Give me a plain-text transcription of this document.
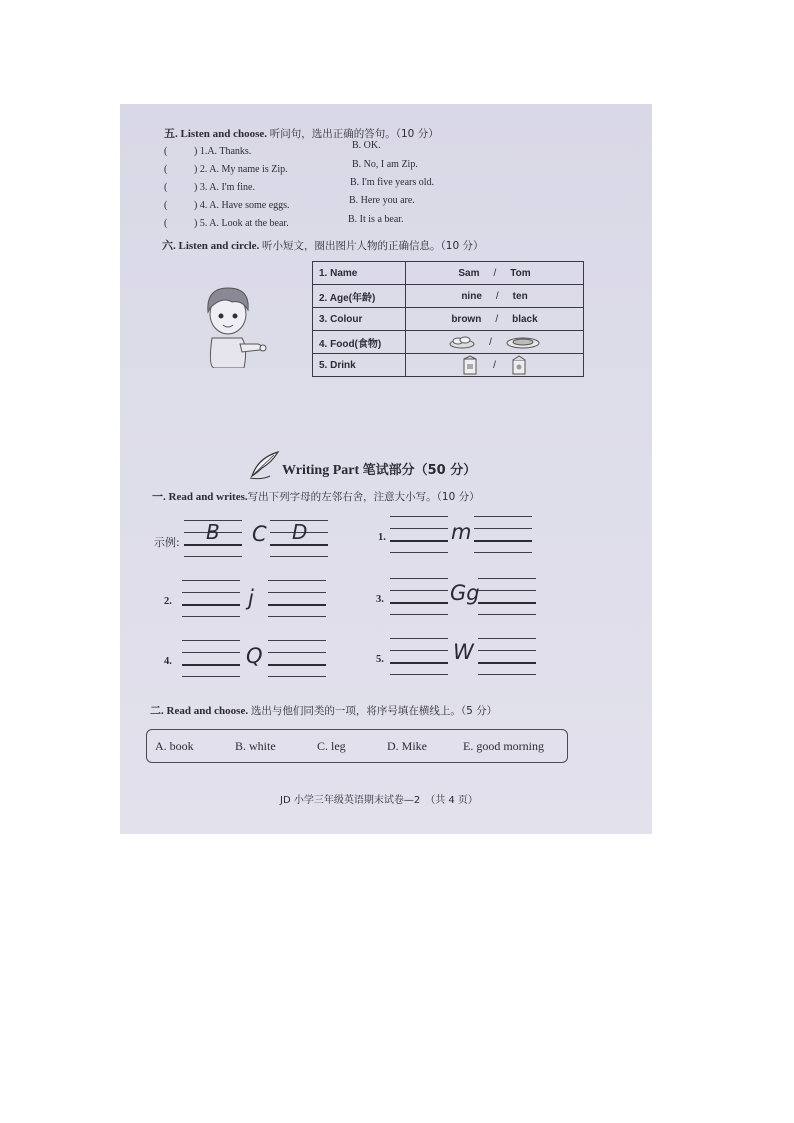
五. Listen and choose. 听问句，选出正确的答句。（10 分）
(	) 1.A. Thanks.
B. OK.
(	) 2. A. My name is Zip.	B. No, I am Zip.
(	) 3. A. I'm fine.	B. I'm five years old.
(	) 4. A. Have some eggs.	B. Here you are.
(	) 5. A. Look at the bear.	B. It is a bear.
六. Listen and circle. 听小短文，圈出图片人物的正确信息。（10 分）
1. Name	Sam / Tom
2. Age(年龄)	nine / ten
3. Colour	brown / black
4. Food(食物)	/
5. Drink	/
Writing Part 笔试部分（50 分）
一. Read and writes.写出下列字母的左邻右舍，注意大小写。（10 分）
示例: B C D	1.	m
2.	j	3.	Gg
4.	Q	5.	W
二. Read and choose. 选出与他们同类的一项，将序号填在横线上。（5 分）
A. book	B. white	C. leg	D. Mike	E. good morning
JD 小学三年级英语期末试卷—2　（共 4 页）
